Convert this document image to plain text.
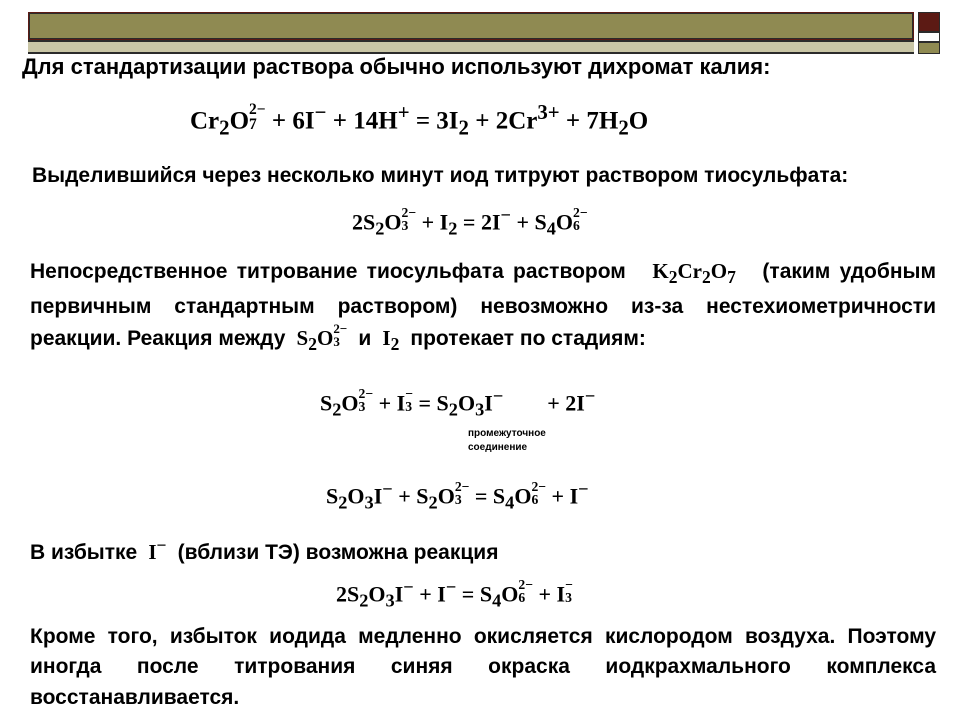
Для стандартизации раствора обычно используют дихромат калия:
$Cr_2O$ 2−
$7 + 6I^- + 14H^+ = 3I_2 + 2Cr^{3+} + 7H_2O$
Выделившийся через несколько минут иод титруют раствором тиосульфата:
$2S_2O$ 2−
$3 + I_2 = 2I^- + S_4O$ 2−
6
Непосредственное титрование тиосульфата раствором   $K_2Cr_2O_7$ (таким удобным первичным стандартным раствором) невозможно из-за нестехиометричности реакции. Реакция между  $S_2O$ 2−
3 и  $I_2$ протекает по стадиям:
$S_2O$ 2−
3 + I −
$3 = S_2O_3I^-$        + 2I−
промежуточное соединение
$S_2O_3I^- + S_2O$ 2−
$3 = S_4O$ 2−
6 + I−
В избытке  I− (вблизи ТЭ) возможна реакция
$2S_2O_3I^- + I^- = S_4O$ 2−
6 + I −
3
Кроме того, избыток иодида медленно окисляется кислородом воздуха. Поэтому иногда после титрования синяя окраска иодкрахмального комплекса восстанавливается.
